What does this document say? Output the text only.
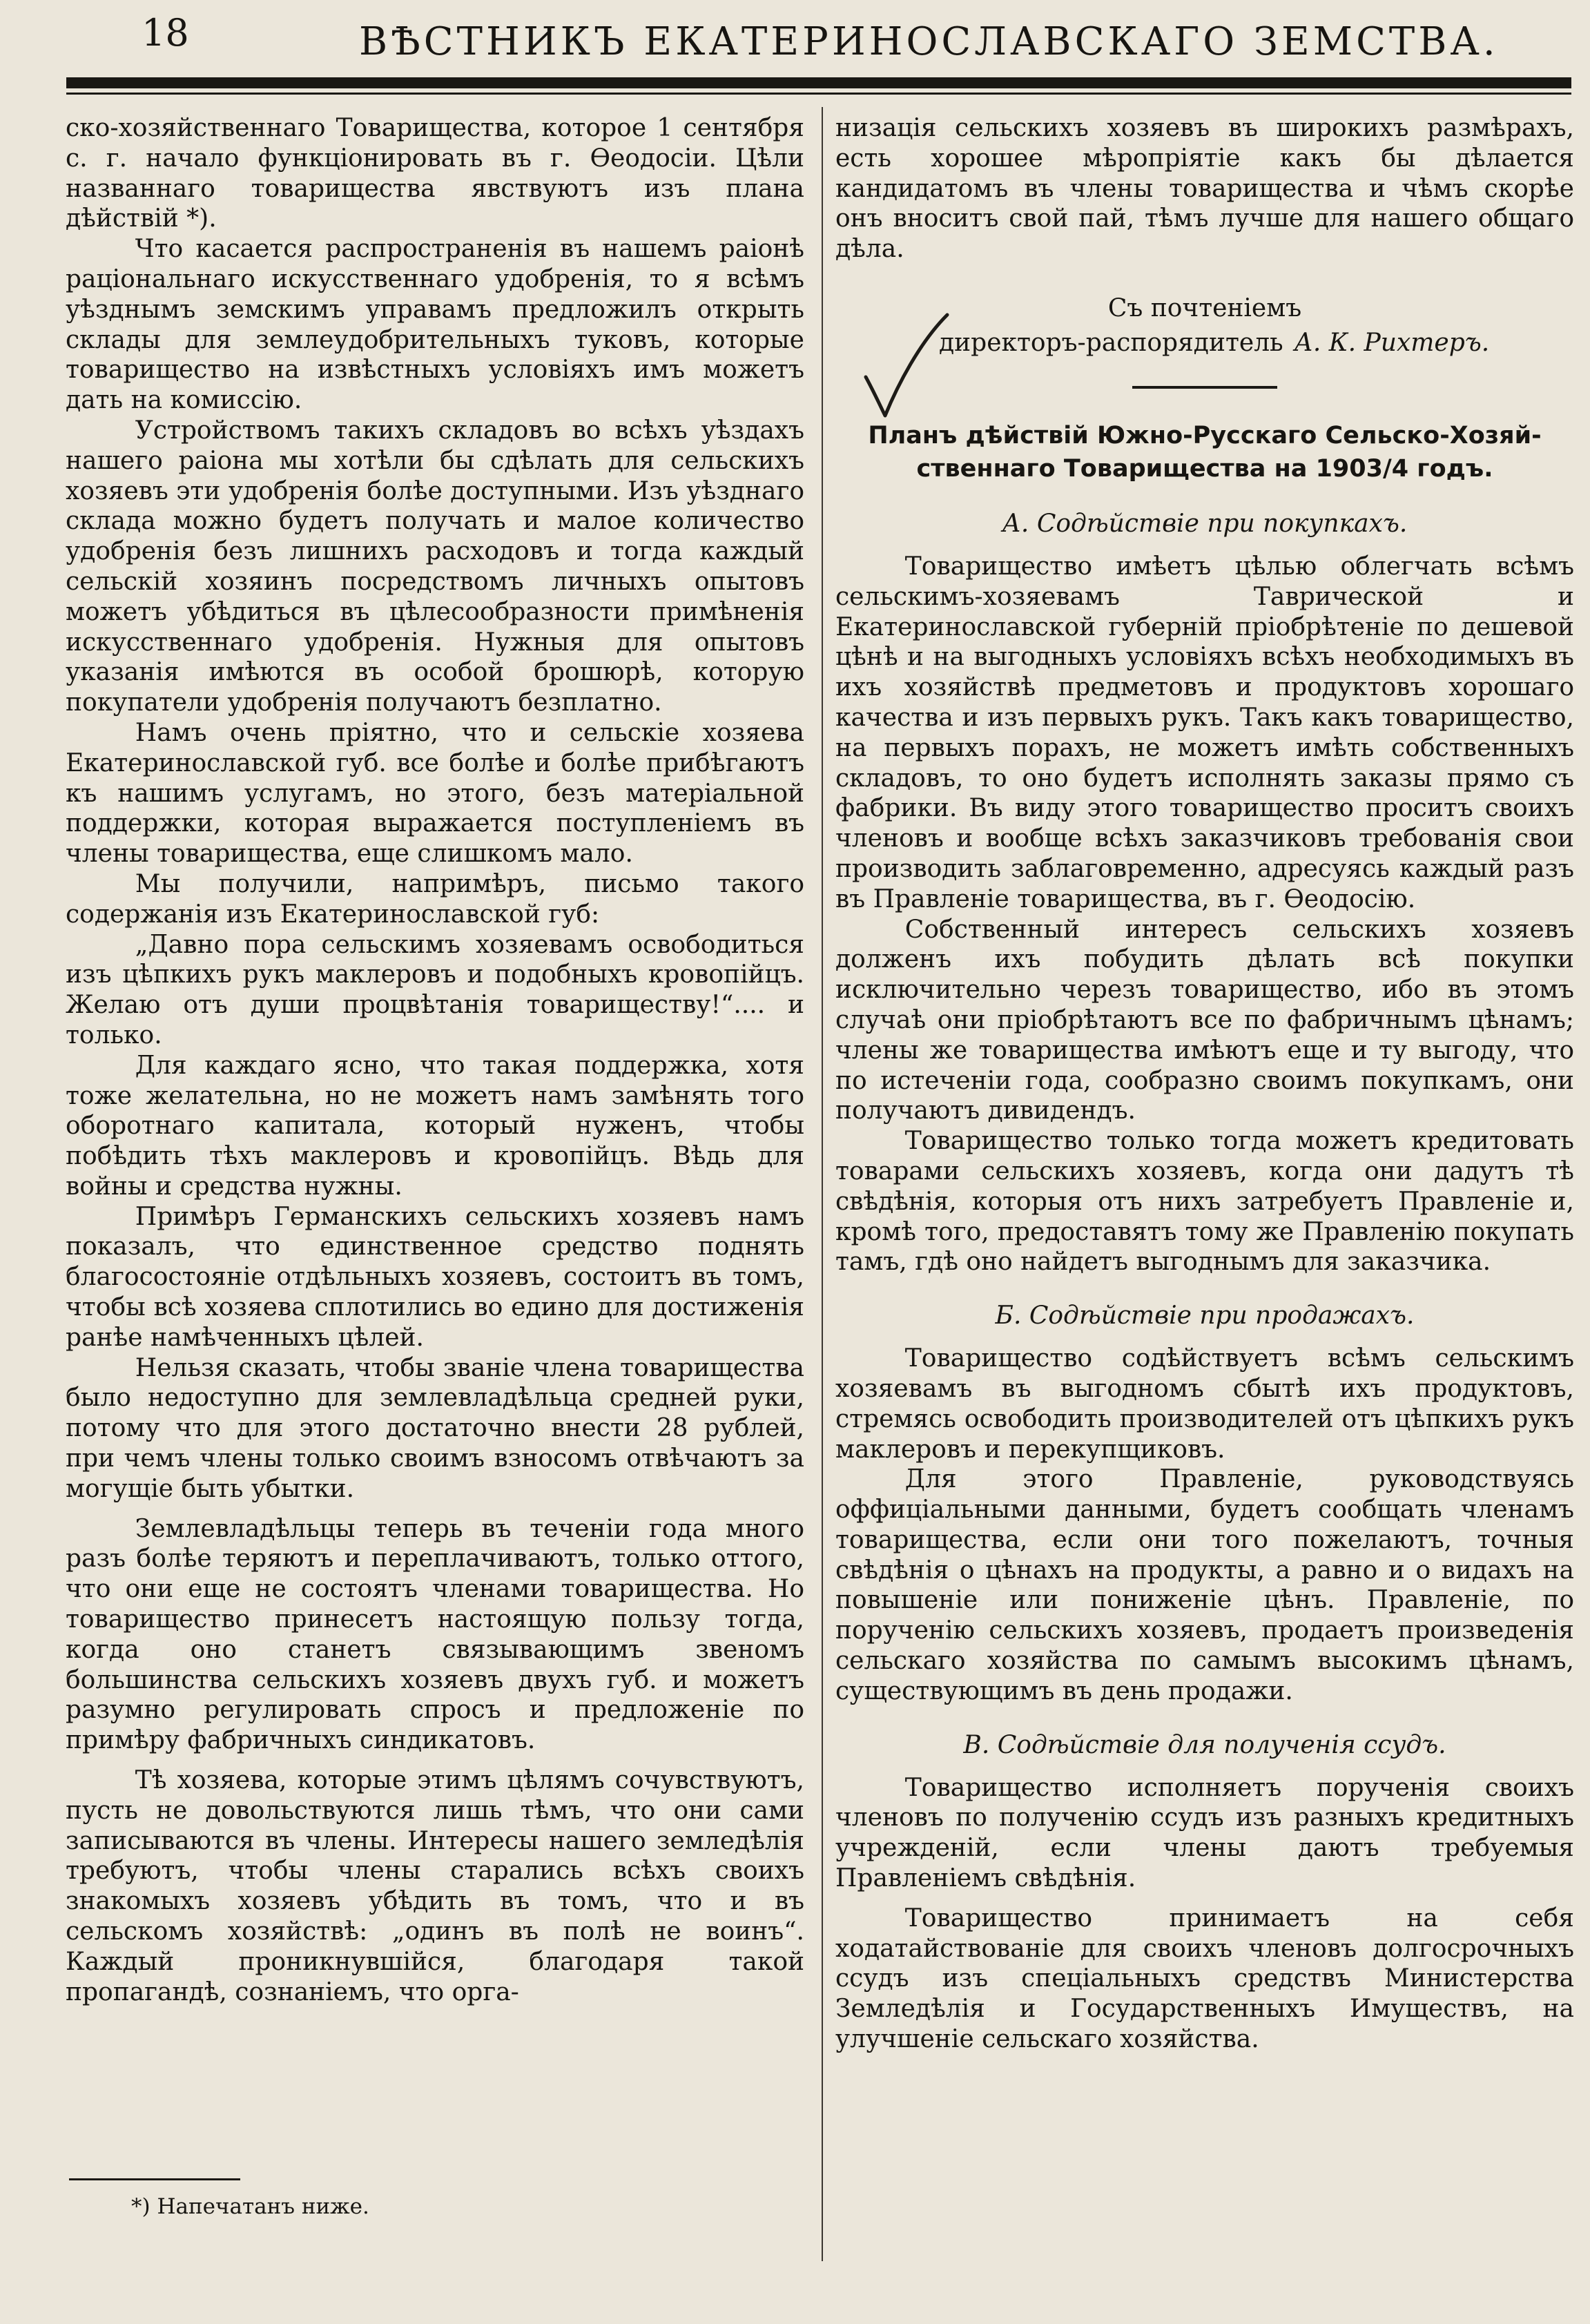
18	ВѢСТНИКЪ ЕКАТЕРИНОСЛАВСКАГО ЗЕМСТВА.

ско-хозяйственнаго Товарищества, которое 1 сентября с. г. начало функціонировать въ г. Ѳеодосіи. Цѣли названнаго товарищества явствуютъ изъ плана дѣйствій *).

Что касается распространенія въ нашемъ раіонѣ раціональнаго искусственнаго удобренія, то я всѣмъ уѣзднымъ земскимъ управамъ предложилъ открыть склады для землеудобрительныхъ туковъ, которые товарищество на извѣстныхъ условіяхъ имъ можетъ дать на комиссію.

Устройствомъ такихъ складовъ во всѣхъ уѣздахъ нашего раіона мы хотѣли бы сдѣлать для сельскихъ хозяевъ эти удобренія болѣе доступными. Изъ уѣзднаго склада можно будетъ получать и малое количество удобренія безъ лишнихъ расходовъ и тогда каждый сельскій хозяинъ посредствомъ личныхъ опытовъ можетъ убѣдиться въ цѣлесообразности примѣненія искусственнаго удобренія. Нужныя для опытовъ указанія имѣются въ особой брошюрѣ, которую покупатели удобренія получаютъ безплатно.

Намъ очень пріятно, что и сельскіе хозяева Екатеринославской губ. все болѣе и болѣе прибѣгаютъ къ нашимъ услугамъ, но этого, безъ матеріальной поддержки, которая выражается поступленіемъ въ члены товарищества, еще слишкомъ мало.

Мы получили, напримѣръ, письмо такого содержанія изъ Екатеринославской губ:

„Давно пора сельскимъ хозяевамъ освободиться изъ цѣпкихъ рукъ маклеровъ и подобныхъ кровопійцъ. Желаю отъ души процвѣтанія товариществу!“.... и только.

Для каждаго ясно, что такая поддержка, хотя тоже желательна, но не можетъ намъ замѣнять того оборотнаго капитала, который нуженъ, чтобы побѣдить тѣхъ маклеровъ и кровопійцъ. Вѣдь для войны и средства нужны.

Примѣръ Германскихъ сельскихъ хозяевъ намъ показалъ, что единственное средство поднять благосостояніе отдѣльныхъ хозяевъ, состоитъ въ томъ, чтобы всѣ хозяева сплотились во едино для достиженія ранѣе намѣченныхъ цѣлей.

Нельзя сказать, чтобы званіе члена товарищества было недоступно для землевладѣльца средней руки, потому что для этого достаточно внести 28 рублей, при чемъ члены только своимъ взносомъ отвѣчаютъ за могущіе быть убытки.

Землевладѣльцы теперь въ теченіи года много разъ болѣе теряютъ и переплачиваютъ, только оттого, что они еще не состоятъ членами товарищества. Но товарищество принесетъ настоящую пользу тогда, когда оно станетъ связывающимъ звеномъ большинства сельскихъ хозяевъ двухъ губ. и можетъ разумно регулировать спросъ и предложеніе по примѣру фабричныхъ синдикатовъ.

Тѣ хозяева, которые этимъ цѣлямъ сочувствуютъ, пусть не довольствуются лишь тѣмъ, что они сами записываются въ члены. Интересы нашего земледѣлія требуютъ, чтобы члены старались всѣхъ своихъ знакомыхъ хозяевъ убѣдить въ томъ, что и въ сельскомъ хозяйствѣ: „одинъ въ полѣ не воинъ“. Каждый проникнувшійся, благодаря такой пропагандѣ, сознаніемъ, что орга-

*) Напечатанъ ниже.

низація сельскихъ хозяевъ въ широкихъ размѣрахъ, есть хорошее мѣропріятіе какъ бы дѣлается кандидатомъ въ члены товарищества и чѣмъ скорѣе онъ вноситъ свой пай, тѣмъ лучше для нашего общаго дѣла.

Съ почтеніемъ
директоръ-распорядитель А. К. Рихтеръ.
Планъ дѣйствій Южно-Русскаго Сельско-Хозяй-
ственнаго Товарищества на 1903/4 годъ.
А. Содѣйствіе при покупкахъ.

Товарищество имѣетъ цѣлью облегчать всѣмъ сельскимъ-хозяевамъ Таврической и Екатеринославской губерній пріобрѣтеніе по дешевой цѣнѣ и на выгодныхъ условіяхъ всѣхъ необходимыхъ въ ихъ хозяйствѣ предметовъ и продуктовъ хорошаго качества и изъ первыхъ рукъ. Такъ какъ товарищество, на первыхъ порахъ, не можетъ имѣть собственныхъ складовъ, то оно будетъ исполнять заказы прямо съ фабрики. Въ виду этого товарищество проситъ своихъ членовъ и вообще всѣхъ заказчиковъ требованія свои производить заблаговременно, адресуясь каждый разъ въ Правленіе товарищества, въ г. Ѳеодосію.

Собственный интересъ сельскихъ хозяевъ долженъ ихъ побудить дѣлать всѣ покупки исключительно черезъ товарищество, ибо въ этомъ случаѣ они пріобрѣтаютъ все по фабричнымъ цѣнамъ; члены же товарищества имѣютъ еще и ту выгоду, что по истеченіи года, сообразно своимъ покупкамъ, они получаютъ дивидендъ.

Товарищество только тогда можетъ кредитовать товарами сельскихъ хозяевъ, когда они дадутъ тѣ свѣдѣнія, которыя отъ нихъ затребуетъ Правленіе и, кромѣ того, предоставятъ тому же Правленію покупать тамъ, гдѣ оно найдетъ выгоднымъ для заказчика.

Б. Содѣйствіе при продажахъ.

Товарищество содѣйствуетъ всѣмъ сельскимъ хозяевамъ въ выгодномъ сбытѣ ихъ продуктовъ, стремясь освободить производителей отъ цѣпкихъ рукъ маклеровъ и перекупщиковъ.

Для этого Правленіе, руководствуясь оффиціальными данными, будетъ сообщать членамъ товарищества, если они того пожелаютъ, точныя свѣдѣнія о цѣнахъ на продукты, а равно и о видахъ на повышеніе или пониженіе цѣнъ. Правленіе, по порученію сельскихъ хозяевъ, продаетъ произведенія сельскаго хозяйства по самымъ высокимъ цѣнамъ, существующимъ въ день продажи.

В. Содѣйствіе для полученія ссудъ.

Товарищество исполняетъ порученія своихъ членовъ по полученію ссудъ изъ разныхъ кредитныхъ учрежденій, если члены даютъ требуемыя Правленіемъ свѣдѣнія.

Товарищество принимаетъ на себя ходатайствованіе для своихъ членовъ долгосрочныхъ ссудъ изъ спеціальныхъ средствъ Министерства Земледѣлія и Государственныхъ Имуществъ, на улучшеніе сельскаго хозяйства.
